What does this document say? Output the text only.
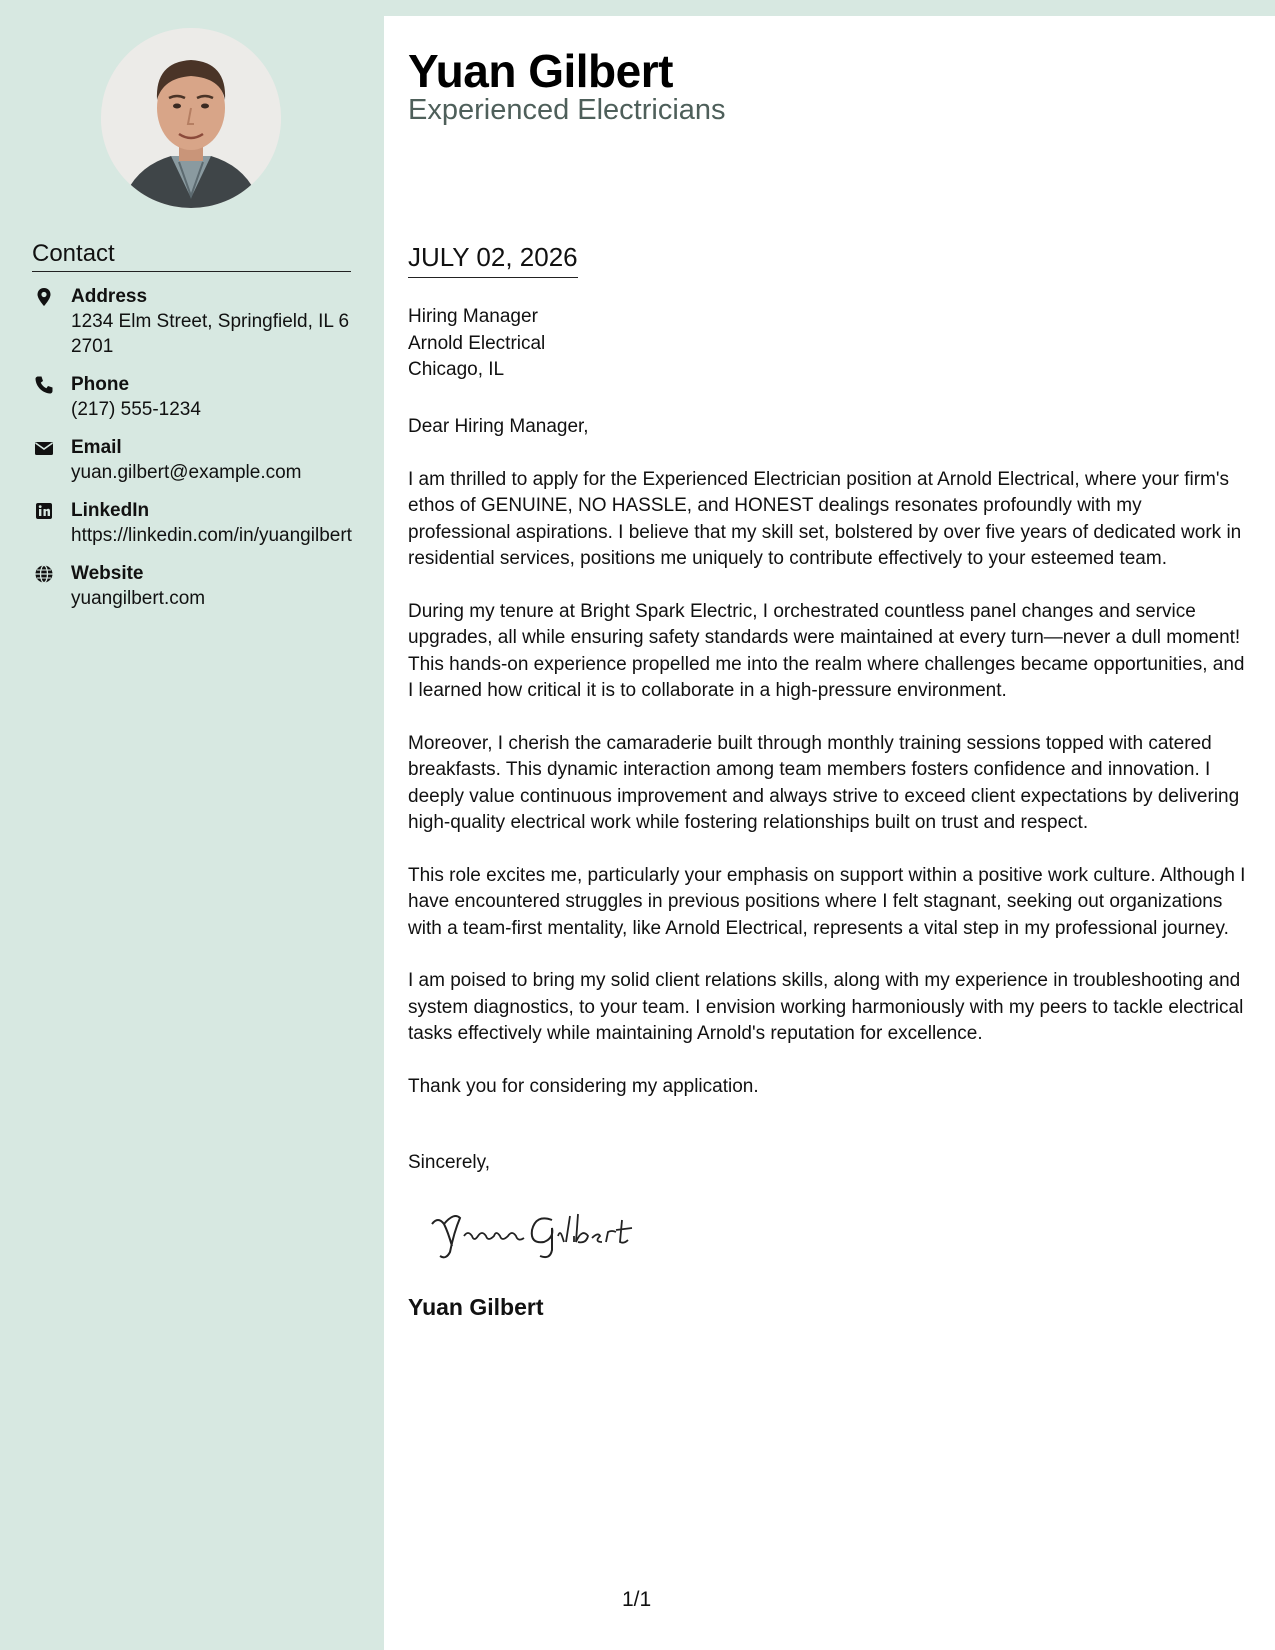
Contact
Address
1234 Elm Street, Springfield, IL 62701
Phone
(217) 555-1234
Email
yuan.gilbert@example.com
LinkedIn
https://linkedin.com/in/yuangilbert
Website
yuangilbert.com
Yuan Gilbert
Experienced Electricians
JULY 02, 2026
Hiring Manager
Arnold Electrical
Chicago, IL

Dear Hiring Manager,

I am thrilled to apply for the Experienced Electrician position at Arnold Electrical, where your firm's ethos of GENUINE, NO HASSLE, and HONEST dealings resonates profoundly with my professional aspirations. I believe that my skill set, bolstered by over five years of dedicated work in residential services, positions me uniquely to contribute effectively to your esteemed team.

During my tenure at Bright Spark Electric, I orchestrated countless panel changes and service upgrades, all while ensuring safety standards were maintained at every turn—never a dull moment! This hands-on experience propelled me into the realm where challenges became opportunities, and I learned how critical it is to collaborate in a high-pressure environment.

Moreover, I cherish the camaraderie built through monthly training sessions topped with catered breakfasts. This dynamic interaction among team members fosters confidence and innovation. I deeply value continuous improvement and always strive to exceed client expectations by delivering high-quality electrical work while fostering relationships built on trust and respect.

This role excites me, particularly your emphasis on support within a positive work culture. Although I have encountered struggles in previous positions where I felt stagnant, seeking out organizations with a team-first mentality, like Arnold Electrical, represents a vital step in my professional journey.

I am poised to bring my solid client relations skills, along with my experience in troubleshooting and system diagnostics, to your team. I envision working harmoniously with my peers to tackle electrical tasks effectively while maintaining Arnold's reputation for excellence.

Thank you for considering my application.

Sincerely,
Yuan Gilbert
1/1
